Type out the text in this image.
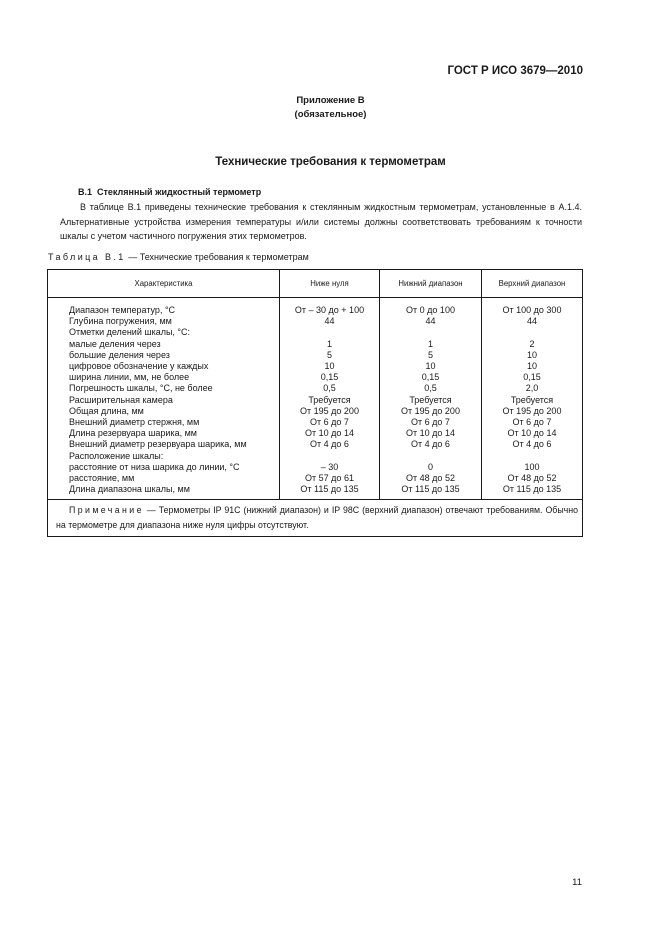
ГОСТ Р ИСО 3679—2010
Приложение В
(обязательное)
Технические требования к термометрам
В.1  Стеклянный жидкостный термометр
В таблице В.1 приведены технические требования к стеклянным жидкостным термометрам, установленные в А.1.4. Альтернативные устройства измерения температуры и/или системы должны соответствовать требованиям к точности шкалы с учетом частичного погружения этих термометров.
Таблица В.1 — Технические требования к термометрам
Характеристика	Ниже нуля	Нижний диапазон	Верхний диапазон
Диапазон температур, °С	От – 30 до + 100	От 0 до 100	От 100 до 300
Глубина погружения, мм	44	44	44
Отметки делений шкалы, °С:			
малые деления через	1	1	2
большие деления через	5	5	10
цифровое обозначение у каждых	10	10	10
ширина линии, мм, не более	0,15	0,15	0,15
Погрешность шкалы, °С, не более	0,5	0,5	2,0
Расширительная камера	Требуется	Требуется	Требуется
Общая длина, мм	От 195 до 200	От 195 до 200	От 195 до 200
Внешний диаметр стержня, мм	От 6 до 7	От 6 до 7	От 6 до 7
Длина резервуара шарика, мм	От 10 до 14	От 10 до 14	От 10 до 14
Внешний диаметр резервуара шарика, мм	От 4 до 6	От 4 до 6	От 4 до 6
Расположение шкалы:			
расстояние от низа шарика до линии, °С	– 30	0	100
расстояние, мм	От 57 до 61	От 48 до 52	От 48 до 52
Длина диапазона шкалы, мм	От 115 до 135	От 115 до 135	От 115 до 135
Примечание — Термометры IP 91С (нижний диапазон) и IP 98С (верхний диапазон) отвечают требованиям. Обычно на термометре для диапазона ниже нуля цифры отсутствуют.			
11
